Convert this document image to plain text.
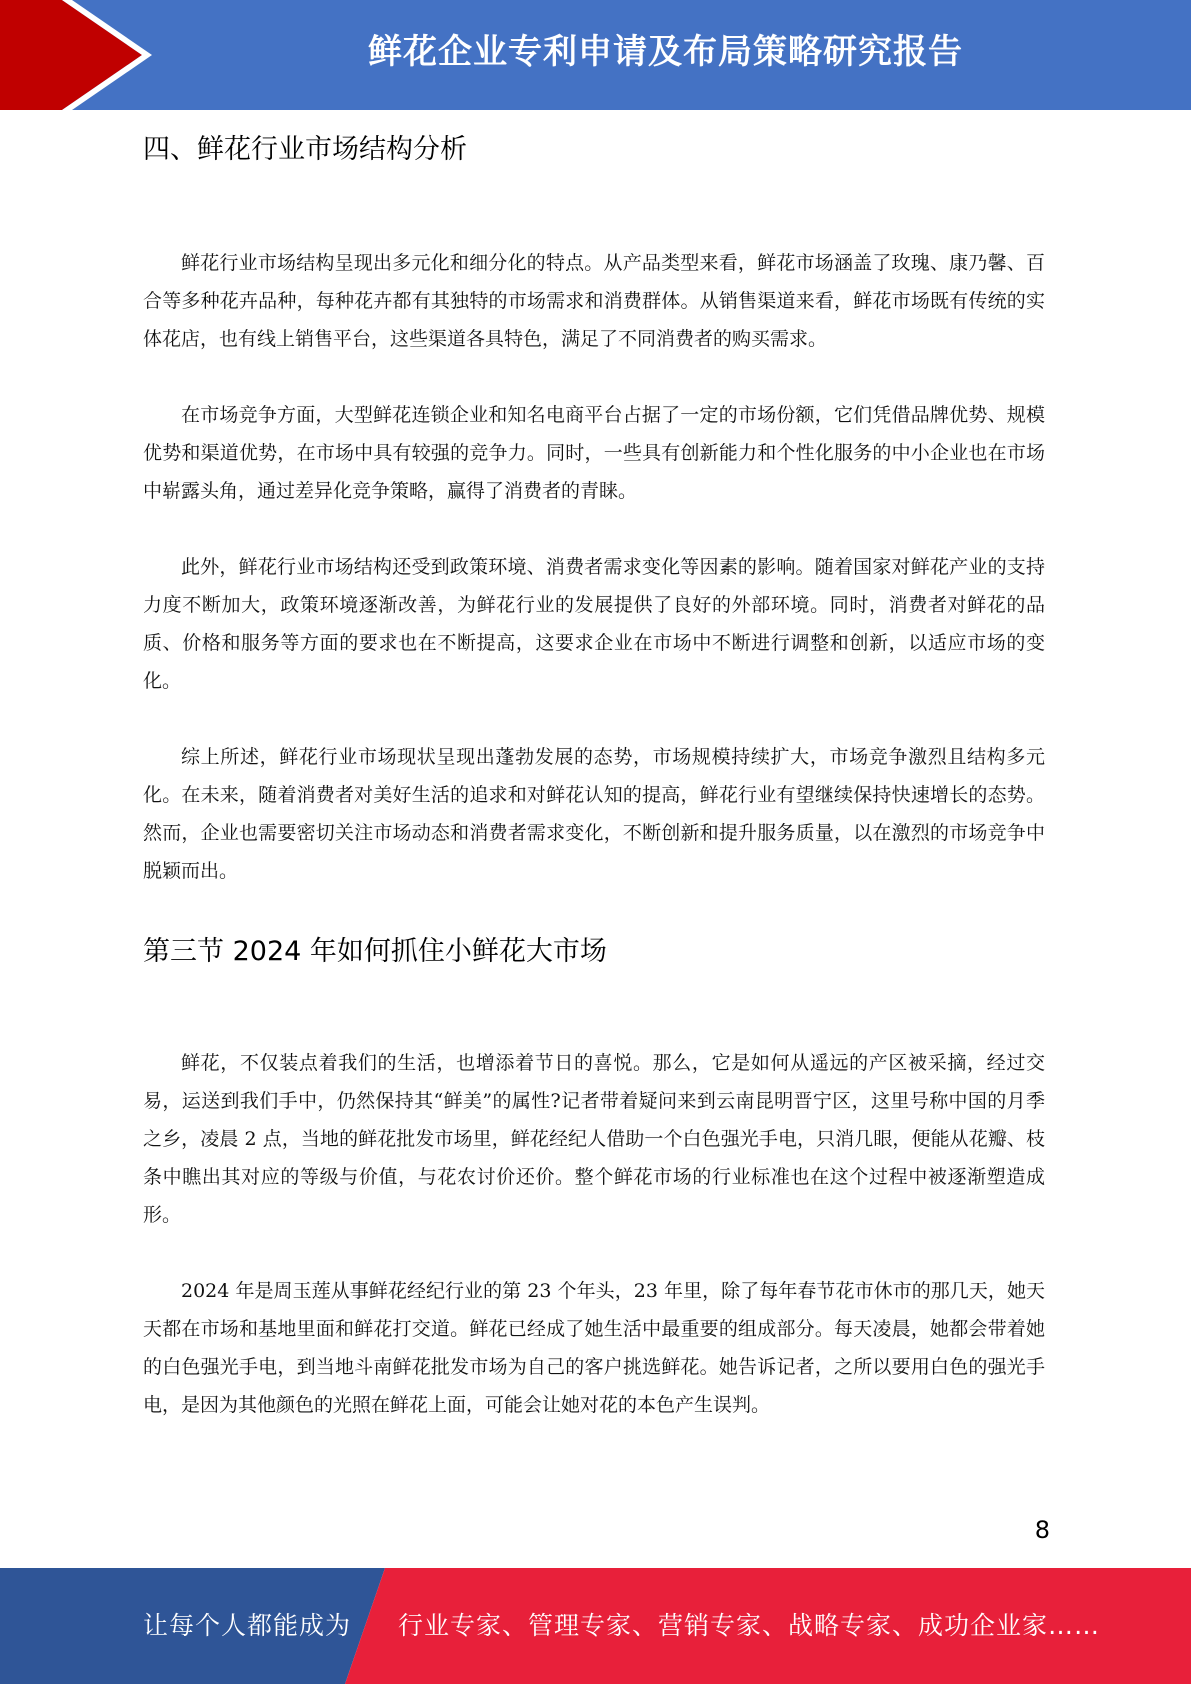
鲜花企业专利申请及布局策略研究报告
四、鲜花行业市场结构分析

鲜花行业市场结构呈现出多元化和细分化的特点。从产品类型来看，鲜花市场涵盖了玫瑰、康乃馨、百合等多种花卉品种，每种花卉都有其独特的市场需求和消费群体。从销售渠道来看，鲜花市场既有传统的实体花店，也有线上销售平台，这些渠道各具特色，满足了不同消费者的购买需求。

在市场竞争方面，大型鲜花连锁企业和知名电商平台占据了一定的市场份额，它们凭借品牌优势、规模优势和渠道优势，在市场中具有较强的竞争力。同时，一些具有创新能力和个性化服务的中小企业也在市场中崭露头角，通过差异化竞争策略，赢得了消费者的青睐。

此外，鲜花行业市场结构还受到政策环境、消费者需求变化等因素的影响。随着国家对鲜花产业的支持力度不断加大，政策环境逐渐改善，为鲜花行业的发展提供了良好的外部环境。同时，消费者对鲜花的品质、价格和服务等方面的要求也在不断提高，这要求企业在市场中不断进行调整和创新，以适应市场的变化。

综上所述，鲜花行业市场现状呈现出蓬勃发展的态势，市场规模持续扩大，市场竞争激烈且结构多元化。在未来，随着消费者对美好生活的追求和对鲜花认知的提高，鲜花行业有望继续保持快速增长的态势。然而，企业也需要密切关注市场动态和消费者需求变化，不断创新和提升服务质量，以在激烈的市场竞争中脱颖而出。

第三节 2024 年如何抓住小鲜花大市场

鲜花，不仅装点着我们的生活，也增添着节日的喜悦。那么，它是如何从遥远的产区被采摘，经过交易，运送到我们手中，仍然保持其“鲜美”的属性?记者带着疑问来到云南昆明晋宁区，这里号称中国的月季之乡，凌晨 2 点，当地的鲜花批发市场里，鲜花经纪人借助一个白色强光手电，只消几眼，便能从花瓣、枝条中瞧出其对应的等级与价值，与花农讨价还价。整个鲜花市场的行业标准也在这个过程中被逐渐塑造成形。

2024 年是周玉莲从事鲜花经纪行业的第 23 个年头，23 年里，除了每年春节花市休市的那几天，她天天都在市场和基地里面和鲜花打交道。鲜花已经成了她生活中最重要的组成部分。每天凌晨，她都会带着她的白色强光手电，到当地斗南鲜花批发市场为自己的客户挑选鲜花。她告诉记者，之所以要用白色的强光手电，是因为其他颜色的光照在鲜花上面，可能会让她对花的本色产生误判。

8
让每个人都能成为 行业专家、管理专家、营销专家、战略专家、成功企业家……
